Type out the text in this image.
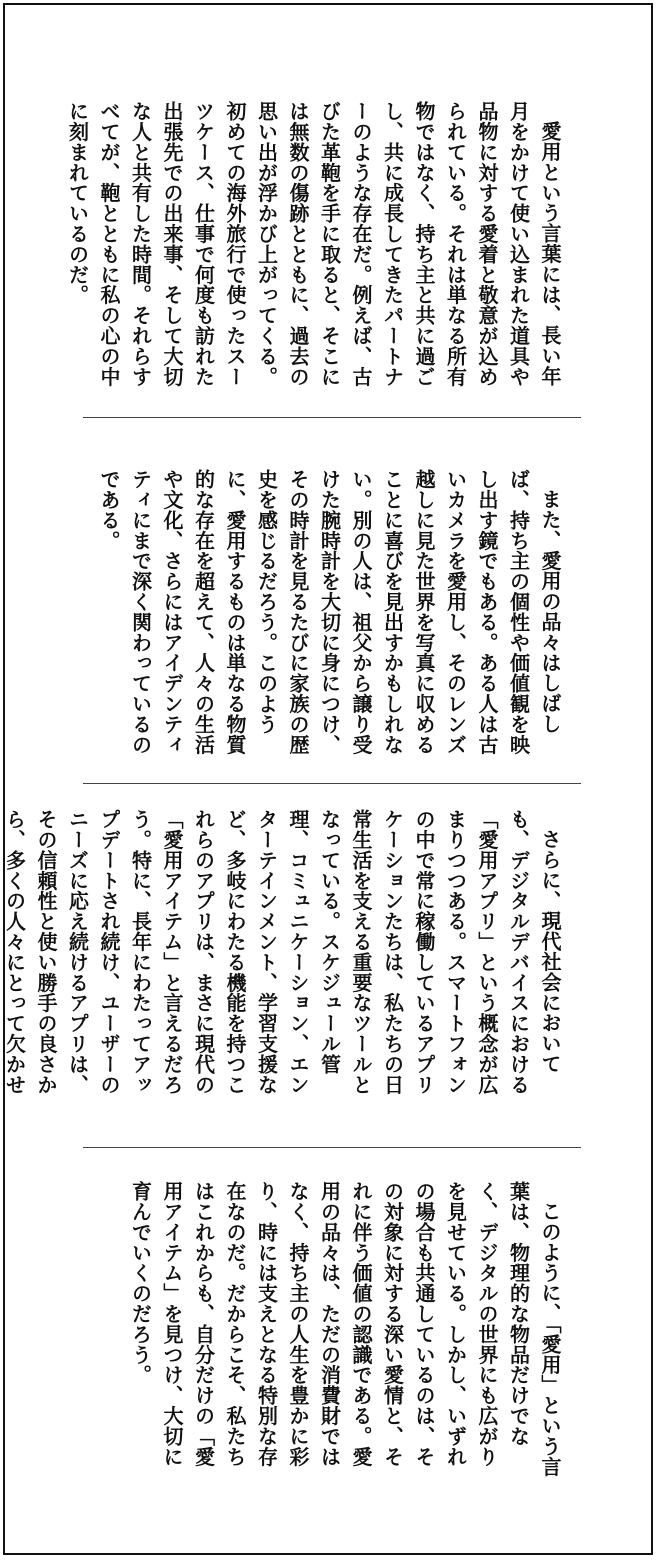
愛用という言葉には、長い年月をかけて使い込まれた道具や品物に対する愛着と敬意が込められている。それは単なる所有物ではなく、持ち主と共に過ごし、共に成長してきたパートナーのような存在だ。例えば、古びた革鞄を手に取ると、そこには無数の傷跡とともに、過去の思い出が浮かび上がってくる。初めての海外旅行で使ったスーツケース、仕事で何度も訪れた出張先での出来事、そして大切な人と共有した時間。それらすべてが、鞄とともに私の心の中に刻まれているのだ。

また、愛用の品々はしばしば、持ち主の個性や価値観を映し出す鏡でもある。ある人は古いカメラを愛用し、そのレンズ越しに見た世界を写真に収めることに喜びを見出すかもしれない。別の人は、祖父から譲り受けた腕時計を大切に身につけ、その時計を見るたびに家族の歴史を感じるだろう。このように、愛用するものは単なる物質的な存在を超えて、人々の生活や文化、さらにはアイデンティティにまで深く関わっているのである。

さらに、現代社会においても、デジタルデバイスにおける「愛用アプリ」という概念が広まりつつある。スマートフォンの中で常に稼働しているアプリケーションたちは、私たちの日常生活を支える重要なツールとなっている。スケジュール管理、コミュニケーション、エンターテインメント、学習支援など、多岐にわたる機能を持つこれらのアプリは、まさに現代の「愛用アイテム」と言えるだろう。特に、長年にわたってアップデートされ続け、ユーザーのニーズに応え続けるアプリは、その信頼性と使い勝手の良さから、多くの人々にとって欠かせ

このように、「愛用」という言葉は、物理的な物品だけでなく、デジタルの世界にも広がりを見せている。しかし、いずれの場合も共通しているのは、その対象に対する深い愛情と、それに伴う価値の認識である。愛用の品々は、ただの消費財ではなく、持ち主の人生を豊かに彩り、時には支えとなる特別な存在なのだ。だからこそ、私たちはこれからも、自分だけの「愛用アイテム」を見つけ、大切に育んでいくのだろう。
